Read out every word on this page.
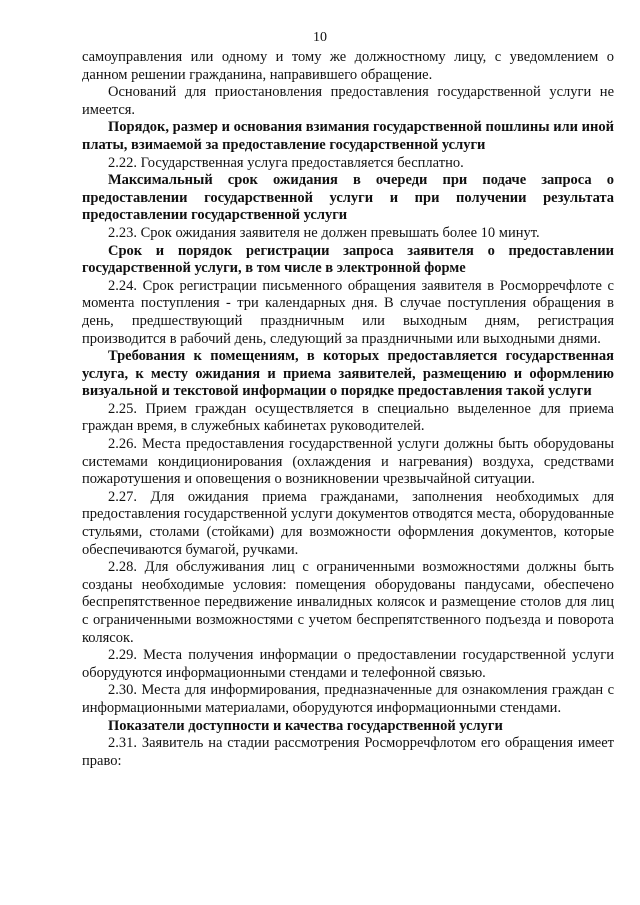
10

самоуправления или одному и тому же должностному лицу, с уведомлением о данном решении гражданина, направившего обращение.

Оснований для приостановления предоставления государственной услуги не имеется.

Порядок, размер и основания взимания государственной пошлины или иной платы, взимаемой за предоставление государственной услуги

2.22. Государственная услуга предоставляется бесплатно.

Максимальный срок ожидания в очереди при подаче запроса о предоставлении государственной услуги и при получении результата предоставлении государственной услуги

2.23. Срок ожидания заявителя не должен превышать более 10 минут.

Срок и порядок регистрации запроса заявителя о предоставлении государственной услуги, в том числе в электронной форме

2.24. Срок регистрации письменного обращения заявителя в Росморречфлоте с момента поступления - три календарных дня. В случае поступления обращения в день, предшествующий праздничным или выходным дням, регистрация производится в рабочий день, следующий за праздничными или выходными днями.

Требования к помещениям, в которых предоставляется государственная услуга, к месту ожидания и приема заявителей, размещению и оформлению визуальной и текстовой информации о порядке предоставления такой услуги

2.25. Прием граждан осуществляется в специально выделенное для приема граждан время, в служебных кабинетах руководителей.

2.26. Места предоставления государственной услуги должны быть оборудованы системами кондиционирования (охлаждения и нагревания) воздуха, средствами пожаротушения и оповещения о возникновении чрезвычайной ситуации.

2.27. Для ожидания приема гражданами, заполнения необходимых для предоставления государственной услуги документов отводятся места, оборудованные стульями, столами (стойками) для возможности оформления документов, которые обеспечиваются бумагой, ручками.

2.28. Для обслуживания лиц с ограниченными возможностями должны быть созданы необходимые условия: помещения оборудованы пандусами, обеспечено беспрепятственное передвижение инвалидных колясок и размещение столов для лиц с ограниченными возможностями с учетом беспрепятственного подъезда и поворота колясок.

2.29. Места получения информации о предоставлении государственной услуги оборудуются информационными стендами и телефонной связью.

2.30. Места для информирования, предназначенные для ознакомления граждан с информационными материалами, оборудуются информационными стендами.

Показатели доступности и качества государственной услуги

2.31. Заявитель на стадии рассмотрения Росморречфлотом его обращения имеет право:
